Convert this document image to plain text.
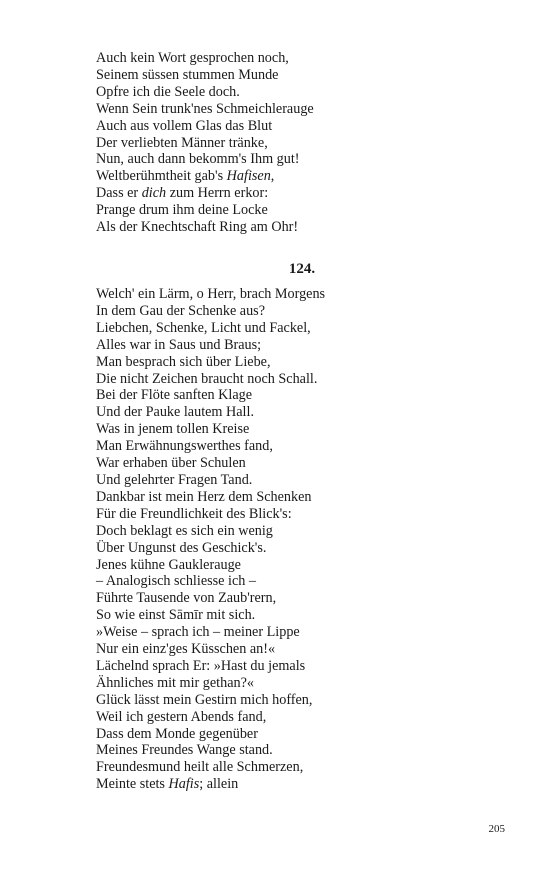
Auch kein Wort gesprochen noch,
Seinem süssen stummen Munde
Opfre ich die Seele doch.
Wenn Sein trunk'nes Schmeichlerauge
Auch aus vollem Glas das Blut
Der verliebten Männer tränke,
Nun, auch dann bekomm's Ihm gut!
Weltberühmtheit gab's Hafisen,
Dass er dich zum Herrn erkor:
Prange drum ihm deine Locke
Als der Knechtschaft Ring am Ohr!
124.
Welch' ein Lärm, o Herr, brach Morgens
In dem Gau der Schenke aus?
Liebchen, Schenke, Licht und Fackel,
Alles war in Saus und Braus;
Man besprach sich über Liebe,
Die nicht Zeichen braucht noch Schall.
Bei der Flöte sanften Klage
Und der Pauke lautem Hall.
Was in jenem tollen Kreise
Man Erwähnungswerthes fand,
War erhaben über Schulen
Und gelehrter Fragen Tand.
Dankbar ist mein Herz dem Schenken
Für die Freundlichkeit des Blick's:
Doch beklagt es sich ein wenig
Über Ungunst des Geschick's.
Jenes kühne Gauklerauge
– Analogisch schliesse ich –
Führte Tausende von Zaub'rern,
So wie einst Sāmīr mit sich.
»Weise – sprach ich – meiner Lippe
Nur ein einz'ges Küsschen an!«
Lächelnd sprach Er: »Hast du jemals
Ähnliches mit mir gethan?«
Glück lässt mein Gestirn mich hoffen,
Weil ich gestern Abends fand,
Dass dem Monde gegenüber
Meines Freundes Wange stand.
Freundesmund heilt alle Schmerzen,
Meinte stets Hafis; allein
205
